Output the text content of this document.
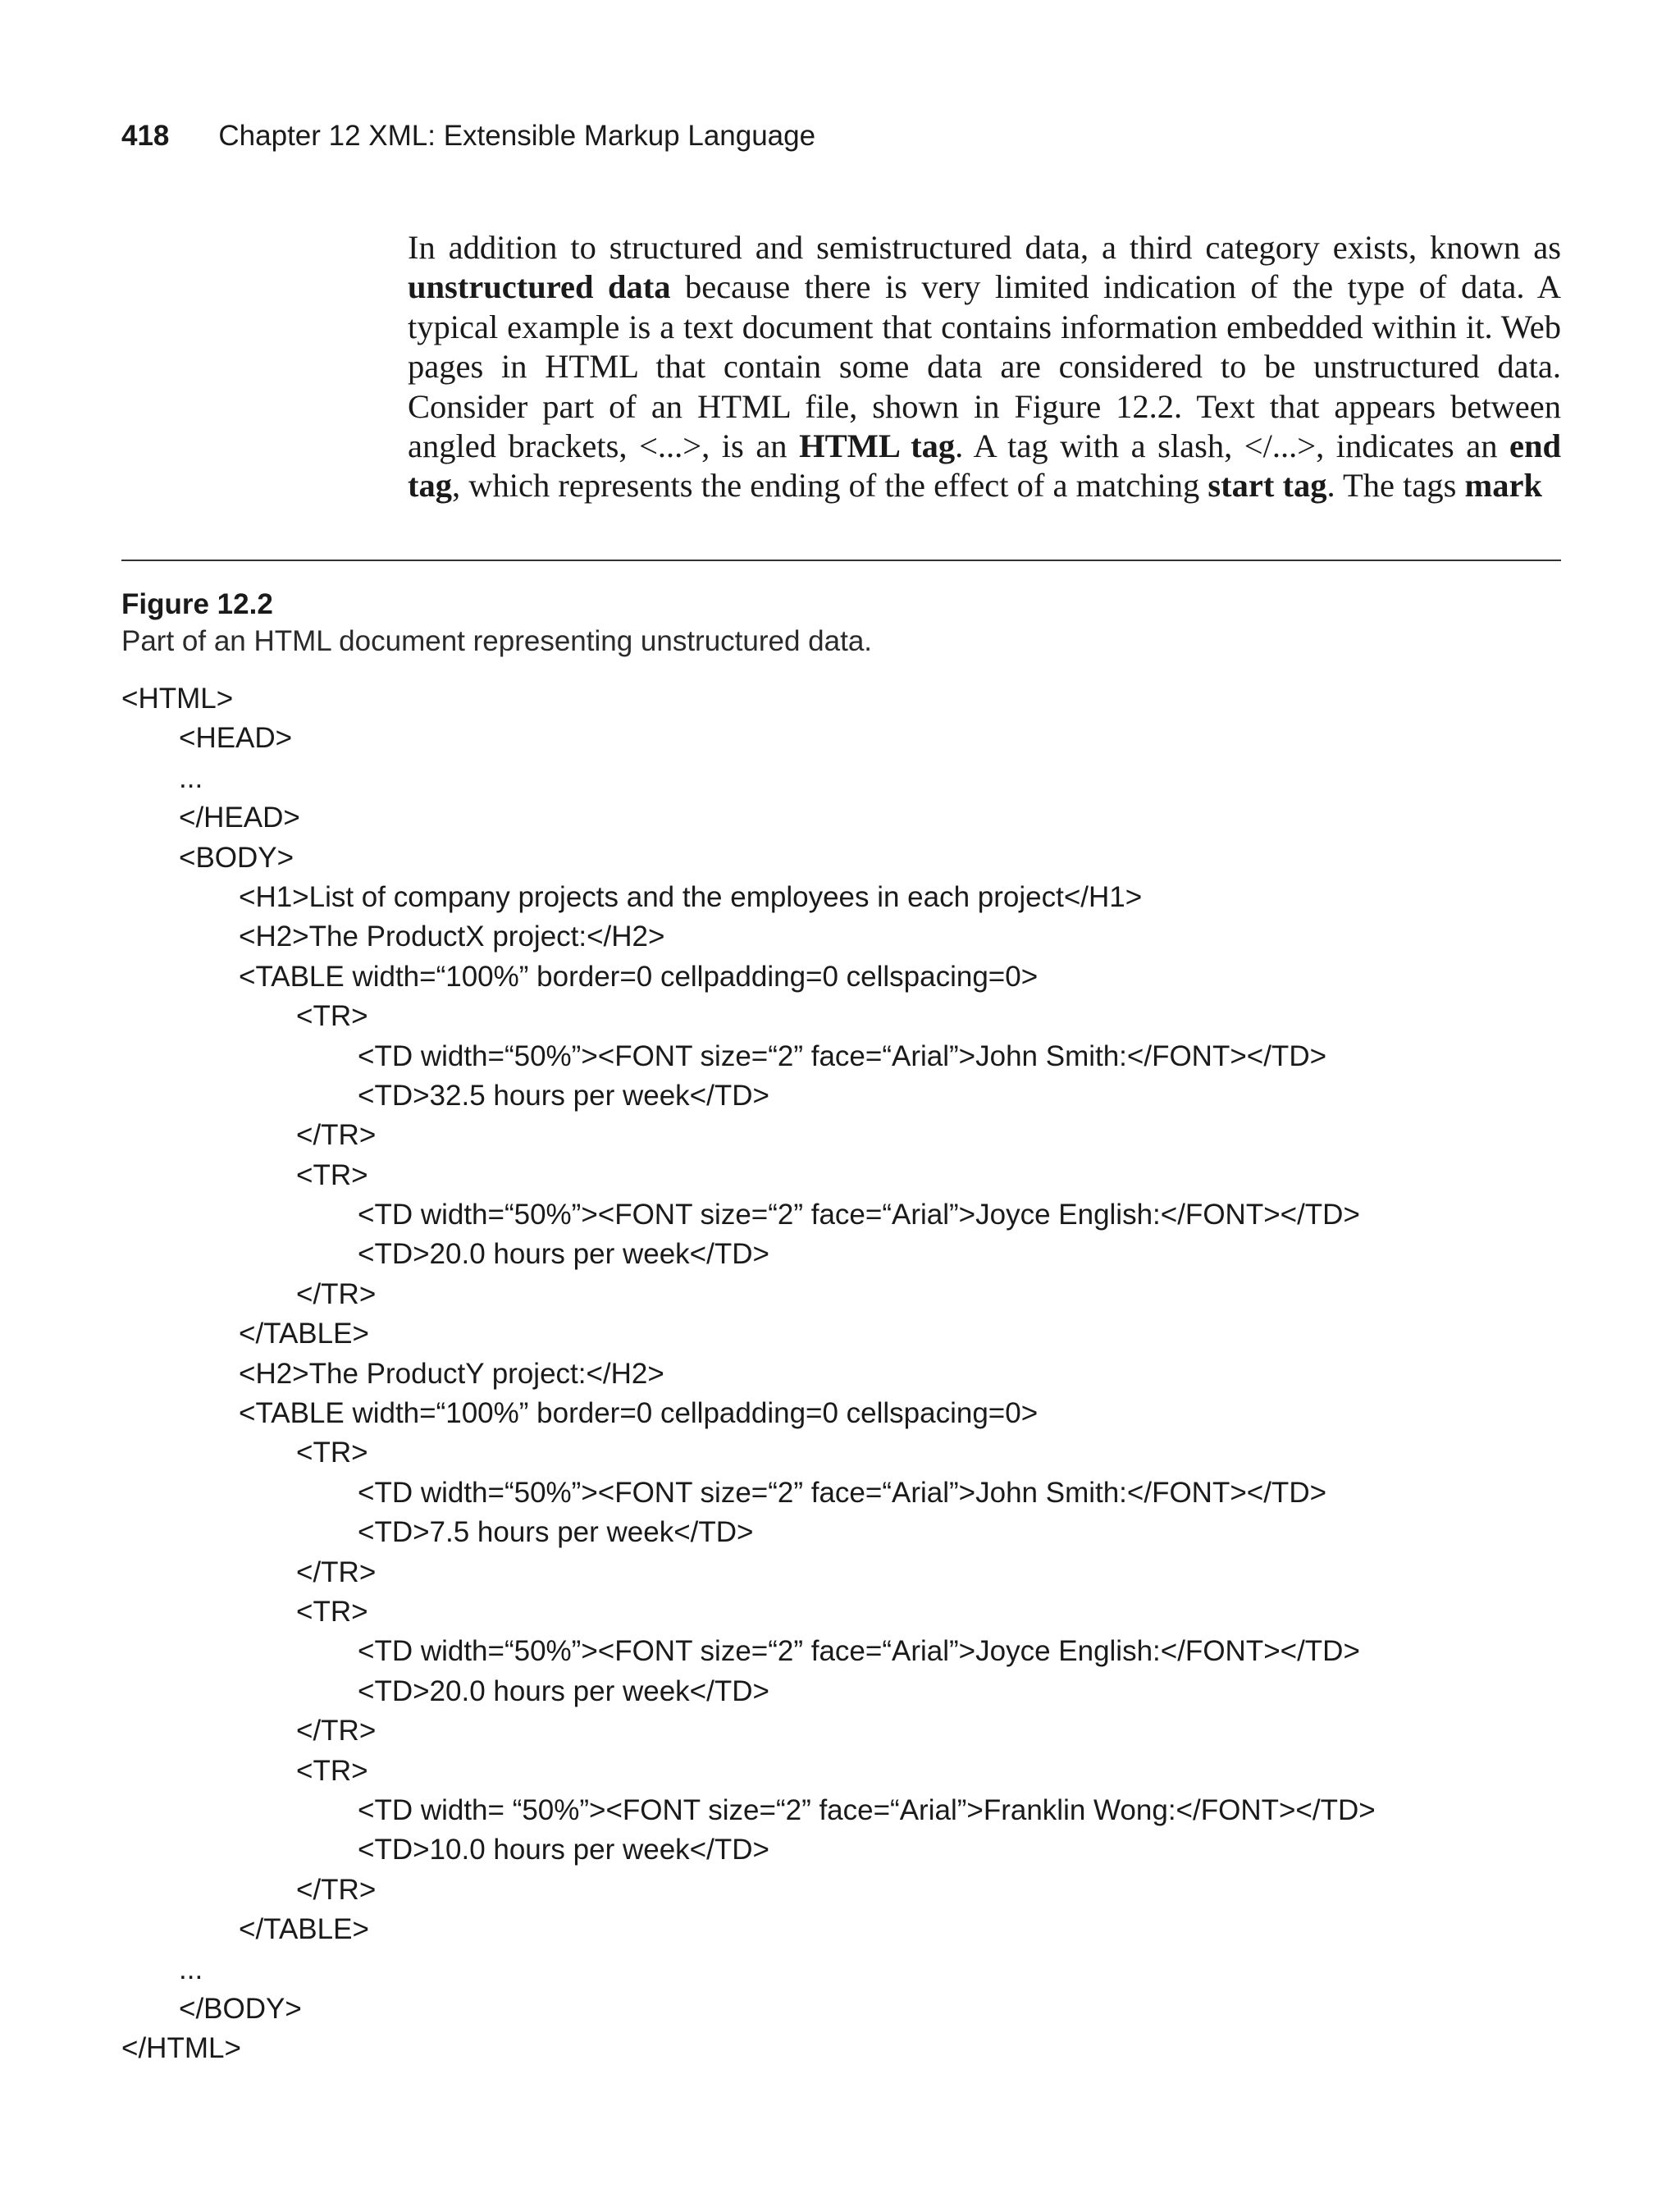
418 Chapter 12 XML: Extensible Markup Language
In addition to structured and semistructured data, a third category exists, known as unstructured data because there is very limited indication of the type of data. A typical example is a text document that contains information embedded within it. Web pages in HTML that contain some data are considered to be unstructured data. Consider part of an HTML file, shown in Figure 12.2. Text that appears between angled brackets, <...>, is an HTML tag. A tag with a slash, </...>, indicates an end tag, which represents the ending of the effect of a matching start tag. The tags mark
Figure 12.2
Part of an HTML document representing unstructured data.
<HTML>
<HEAD>
...
</HEAD>
<BODY>
<H1>List of company projects and the employees in each project</H1>
<H2>The ProductX project:</H2>
<TABLE width=“100%” border=0 cellpadding=0 cellspacing=0>
<TR>
<TD width=“50%”><FONT size=“2” face=“Arial”>John Smith:</FONT></TD>
<TD>32.5 hours per week</TD>
</TR>
<TR>
<TD width=“50%”><FONT size=“2” face=“Arial”>Joyce English:</FONT></TD>
<TD>20.0 hours per week</TD>
</TR>
</TABLE>
<H2>The ProductY project:</H2>
<TABLE width=“100%” border=0 cellpadding=0 cellspacing=0>
<TR>
<TD width=“50%”><FONT size=“2” face=“Arial”>John Smith:</FONT></TD>
<TD>7.5 hours per week</TD>
</TR>
<TR>
<TD width=“50%”><FONT size=“2” face=“Arial”>Joyce English:</FONT></TD>
<TD>20.0 hours per week</TD>
</TR>
<TR>
<TD width= “50%”><FONT size=“2” face=“Arial”>Franklin Wong:</FONT></TD>
<TD>10.0 hours per week</TD>
</TR>
</TABLE>
...
</BODY>
</HTML>
